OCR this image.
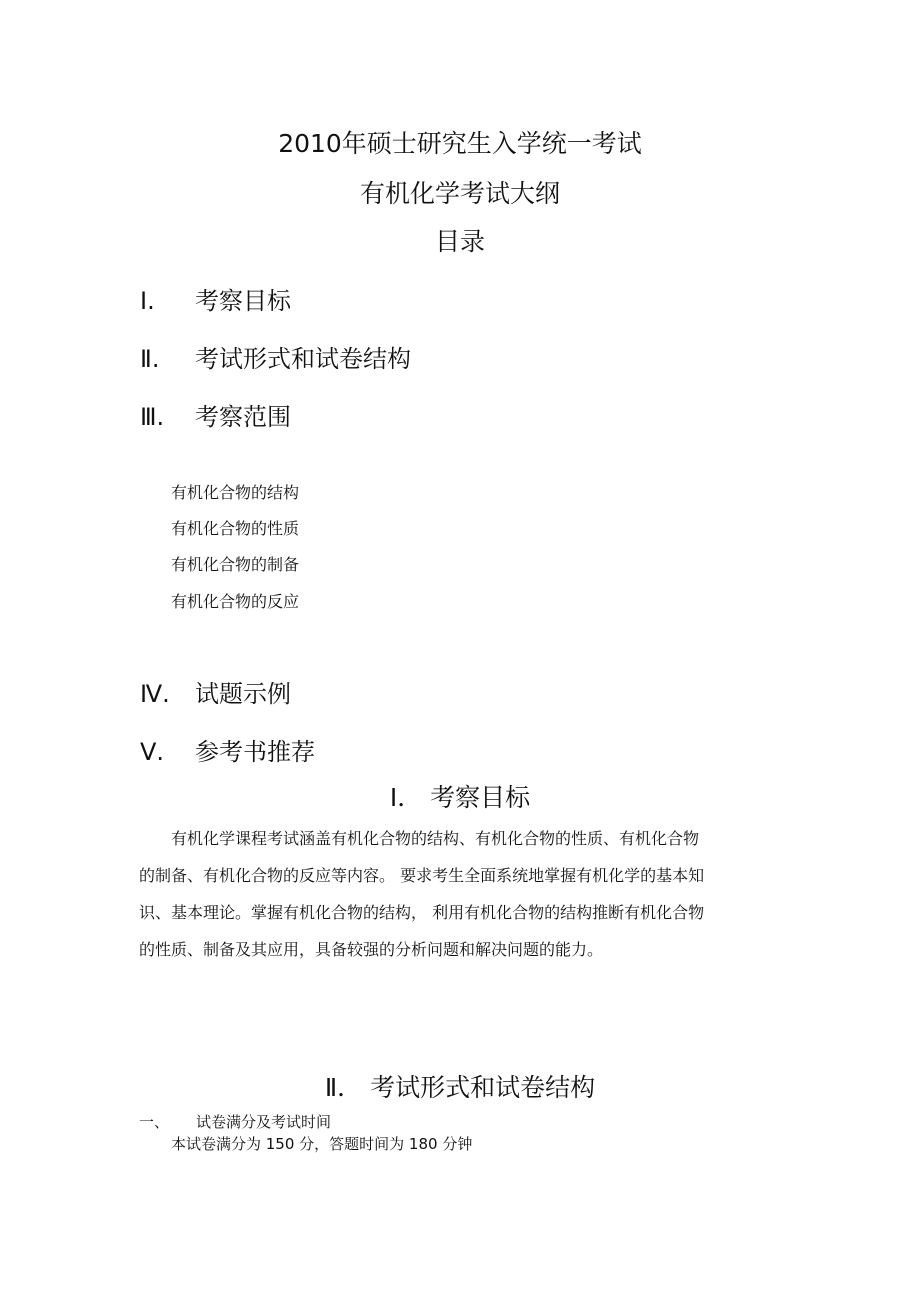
2010年硕士研究生入学统一考试
有机化学考试大纲
目录
Ⅰ. 考察目标
Ⅱ. 考试形式和试卷结构
Ⅲ. 考察范围
有机化合物的结构
有机化合物的性质
有机化合物的制备
有机化合物的反应
Ⅳ. 试题示例
Ⅴ. 参考书推荐
Ⅰ． 考察目标
有机化学课程考试涵盖有机化合物的结构、有机化合物的性质、有机化合物
的制备、有机化合物的反应等内容。 要求考生全面系统地掌握有机化学的基本知
识、基本理论。掌握有机化合物的结构， 利用有机化合物的结构推断有机化合物
的性质、制备及其应用，具备较强的分析问题和解决问题的能力。
Ⅱ． 考试形式和试卷结构
一、 试卷满分及考试时间
本试卷满分为 150 分，答题时间为 180 分钟
